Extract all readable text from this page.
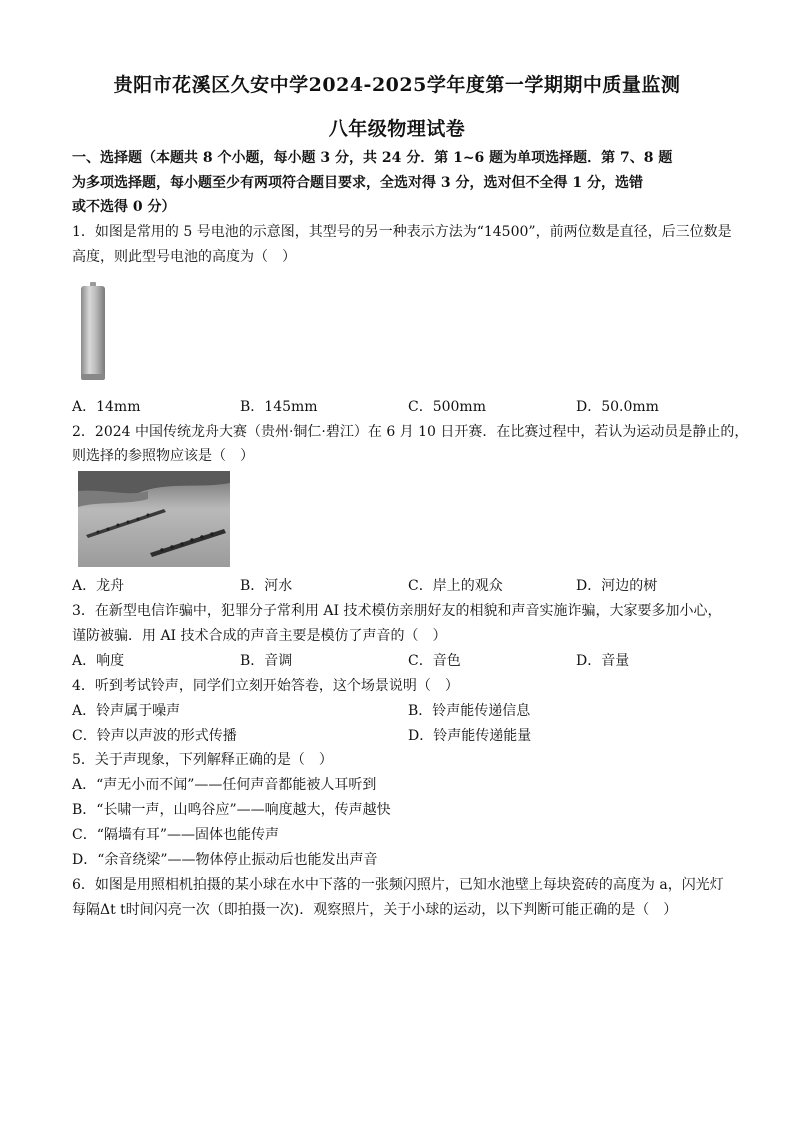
贵阳市花溪区久安中学2024-2025学年度第一学期期中质量监测
八年级物理试卷
一、选择题（本题共 8 个小题，每小题 3 分，共 24 分．第 1~6 题为单项选择题．第 7、8 题
为多项选择题，每小题至少有两项符合题目要求，全选对得 3 分，选对但不全得 1 分，选错
或不选得 0 分）
1．如图是常用的 5 号电池的示意图，其型号的另一种表示方法为“14500”，前两位数是直径，后三位数是
高度，则此型号电池的高度为（　）
A．14mm	B．145mm	C．500mm	D．50.0mm
2．2024 中国传统龙舟大赛（贵州·铜仁·碧江）在 6 月 10 日开赛．在比赛过程中，若认为运动员是静止的，
则选择的参照物应该是（　）
A．龙舟	B．河水	C．岸上的观众	D．河边的树
3．在新型电信诈骗中，犯罪分子常利用 AI 技术模仿亲朋好友的相貌和声音实施诈骗，大家要多加小心，
谨防被骗．用 AI 技术合成的声音主要是模仿了声音的（　）
A．响度	B．音调	C．音色	D．音量
4．听到考试铃声，同学们立刻开始答卷，这个场景说明（　）
A．铃声属于噪声	B．铃声能传递信息
C．铃声以声波的形式传播	D．铃声能传递能量
5．关于声现象，下列解释正确的是（　）
A．“声无小而不闻”——任何声音都能被人耳听到
B．“长啸一声，山鸣谷应”——响度越大，传声越快
C．“隔墙有耳”——固体也能传声
D．“余音绕梁”——物体停止振动后也能发出声音
6．如图是用照相机拍摄的某小球在水中下落的一张频闪照片，已知水池壁上每块瓷砖的高度为 a，闪光灯
每隔Δt t时间闪亮一次（即拍摄一次)．观察照片，关于小球的运动，以下判断可能正确的是（　）
